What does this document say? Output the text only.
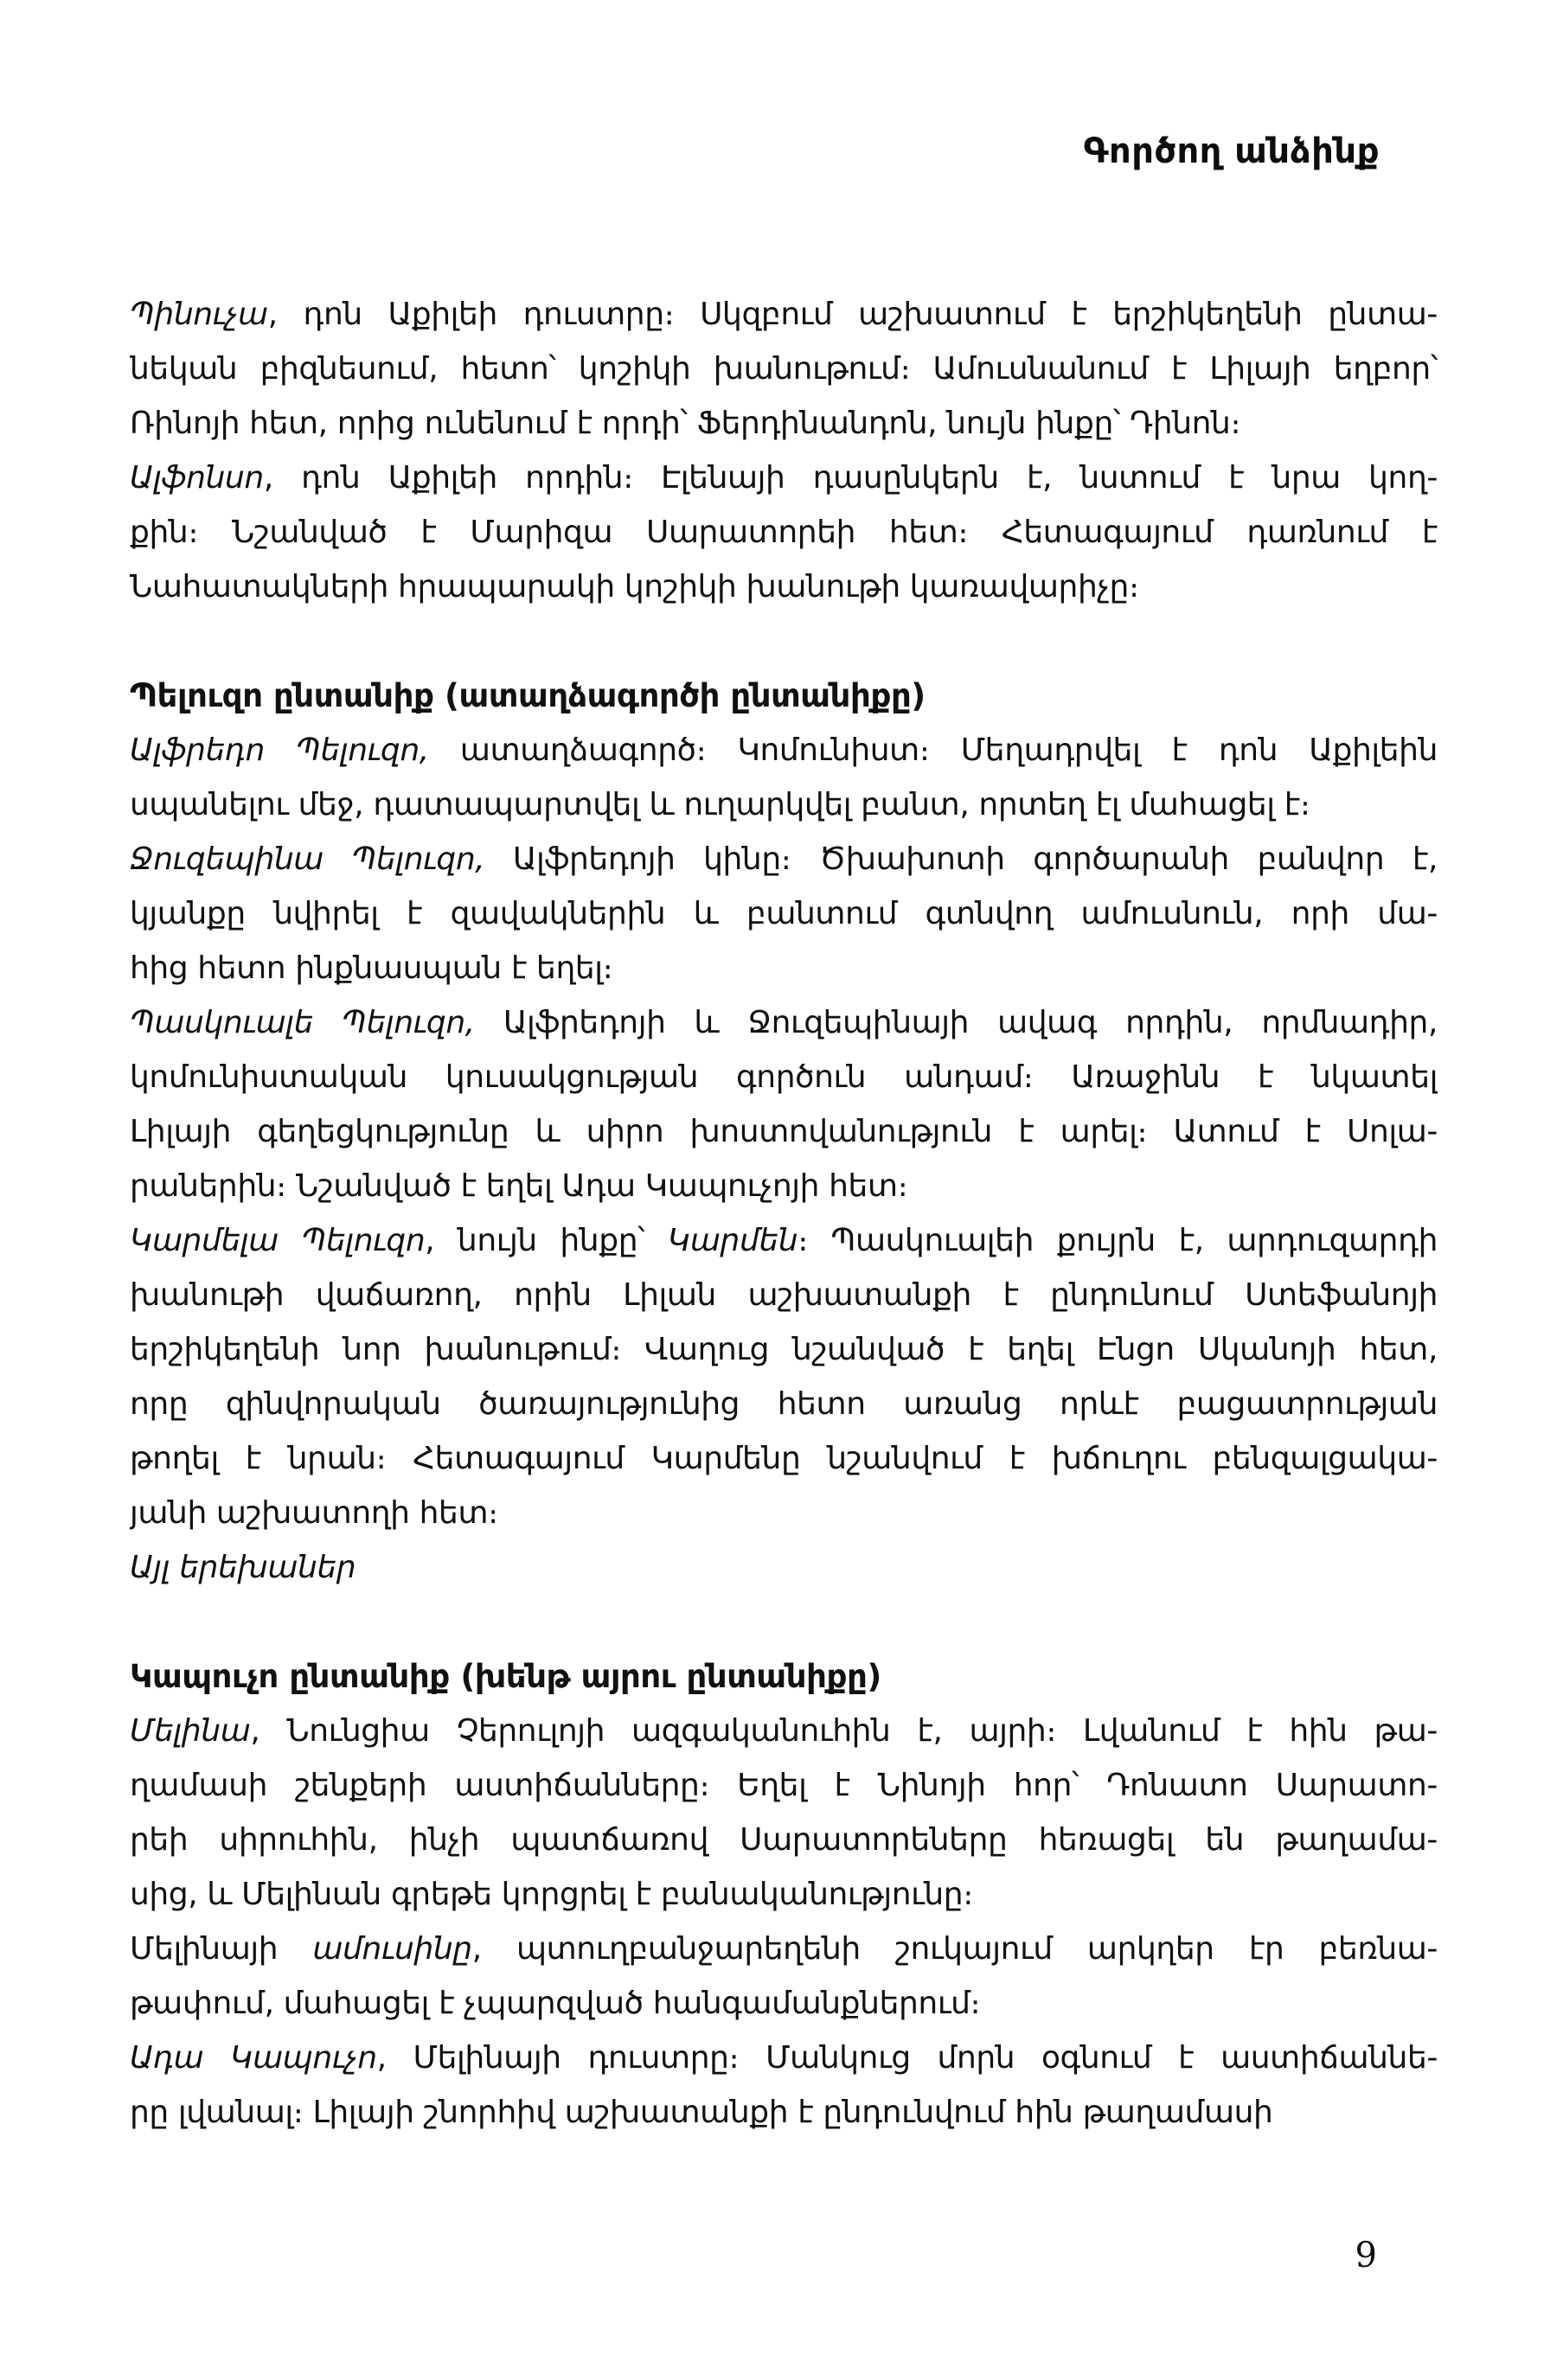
Գործող անձինք
Պինուչա, դոն Աքիլեի դուստրը։ Սկզբում աշխատում է երշիկեղենի ընտա-
նեկան բիզնեսում, հետո՝ կոշիկի խանութում։ Ամուսնանում է Լիլայի եղբոր՝
Ռինոյի հետ, որից ունենում է որդի՝ Ֆերդինանդոն, նույն ինքը՝ Դինոն։
Ալֆոնսո, դոն Աքիլեի որդին։ Էլենայի դասընկերն է, նստում է նրա կող-
քին։ Նշանված է Մարիզա Սարատորեի հետ։ Հետագայում դառնում է
Նահատակների հրապարակի կոշիկի խանութի կառավարիչը։
Պելուզո ընտանիք (ատաղձագործի ընտանիքը)
Ալֆրեդո Պելուզո, ատաղձագործ։ Կոմունիստ։ Մեղադրվել է դոն Աքիլեին
սպանելու մեջ, դատապարտվել և ուղարկվել բանտ, որտեղ էլ մահացել է։
Ջուզեպինա Պելուզո, Ալֆրեդոյի կինը։ Ծխախոտի գործարանի բանվոր է,
կյանքը նվիրել է զավակներին և բանտում գտնվող ամուսնուն, որի մա-
հից հետո ինքնասպան է եղել։
Պասկուալե Պելուզո, Ալֆրեդոյի և Ջուզեպինայի ավագ որդին, որմնադիր,
կոմունիստական կուսակցության գործուն անդամ։ Առաջինն է նկատել
Լիլայի գեղեցկությունը և սիրո խոստովանություն է արել։ Ատում է Սոլա-
րաներին։ Նշանված է եղել Ադա Կապուչոյի հետ։
Կարմելա Պելուզո, նույն ինքը՝ Կարմեն։ Պասկուալեի քույրն է, արդուզարդի
խանութի վաճառող, որին Լիլան աշխատանքի է ընդունում Ստեֆանոյի
երշիկեղենի նոր խանութում։ Վաղուց նշանված է եղել Էնցո Սկանոյի հետ,
որը զինվորական ծառայությունից հետո առանց որևէ բացատրության
թողել է նրան։ Հետագայում Կարմենը նշանվում է խճուղու բենզալցակա-
յանի աշխատողի հետ։
Այլ երեխաներ
Կապուչո ընտանիք (խենթ այրու ընտանիքը)
Մելինա, Նունցիա Չերուլոյի ազգականուհին է, այրի։ Լվանում է հին թա-
ղամասի շենքերի աստիճանները։ Եղել է Նինոյի հոր՝ Դոնատո Սարատո-
րեի սիրուհին, ինչի պատճառով Սարատորեները հեռացել են թաղամա-
սից, և Մելինան գրեթե կորցրել է բանականությունը։
Մելինայի ամուսինը, պտուղբանջարեղենի շուկայում արկղեր էր բեռնա-
թափում, մահացել է չպարզված հանգամանքներում։
Ադա Կապուչո, Մելինայի դուստրը։ Մանկուց մորն օգնում է աստիճաննե-
րը լվանալ։ Լիլայի շնորհիվ աշխատանքի է ընդունվում հին թաղամասի
9
